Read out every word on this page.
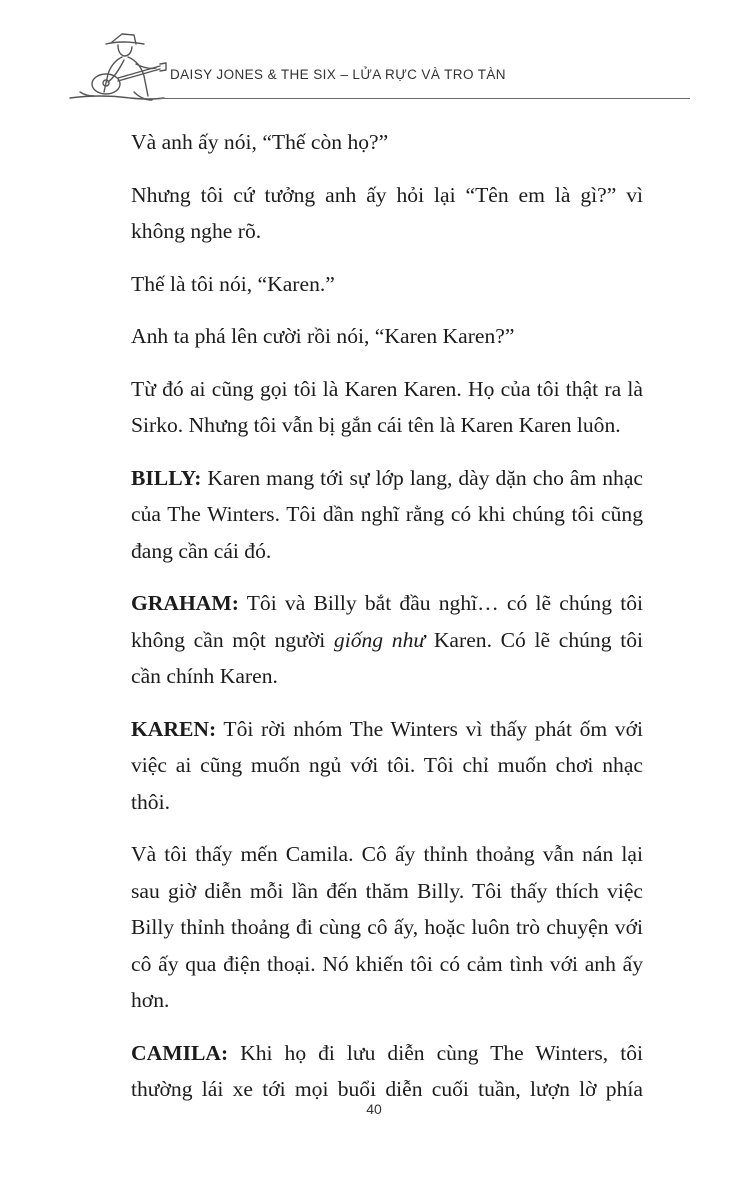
DAISY JONES & THE SIX – LỬA RỰC VÀ TRO TÀN

Và anh ấy nói, “Thế còn họ?”

Nhưng tôi cứ tưởng anh ấy hỏi lại “Tên em là gì?” vì không nghe rõ.

Thế là tôi nói, “Karen.”

Anh ta phá lên cười rồi nói, “Karen Karen?”

Từ đó ai cũng gọi tôi là Karen Karen. Họ của tôi thật ra là Sirko. Nhưng tôi vẫn bị gắn cái tên là Karen Karen luôn.

BILLY: Karen mang tới sự lớp lang, dày dặn cho âm nhạc của The Winters. Tôi dần nghĩ rằng có khi chúng tôi cũng đang cần cái đó.

GRAHAM: Tôi và Billy bắt đầu nghĩ… có lẽ chúng tôi không cần một người giống như Karen. Có lẽ chúng tôi cần chính Karen.

KAREN: Tôi rời nhóm The Winters vì thấy phát ốm với việc ai cũng muốn ngủ với tôi. Tôi chỉ muốn chơi nhạc thôi.

Và tôi thấy mến Camila. Cô ấy thỉnh thoảng vẫn nán lại sau giờ diễn mỗi lần đến thăm Billy. Tôi thấy thích việc Billy thỉnh thoảng đi cùng cô ấy, hoặc luôn trò chuyện với cô ấy qua điện thoại. Nó khiến tôi có cảm tình với anh ấy hơn.

CAMILA: Khi họ đi lưu diễn cùng The Winters, tôi thường lái xe tới mọi buổi diễn cuối tuần, lượn lờ phía

40
